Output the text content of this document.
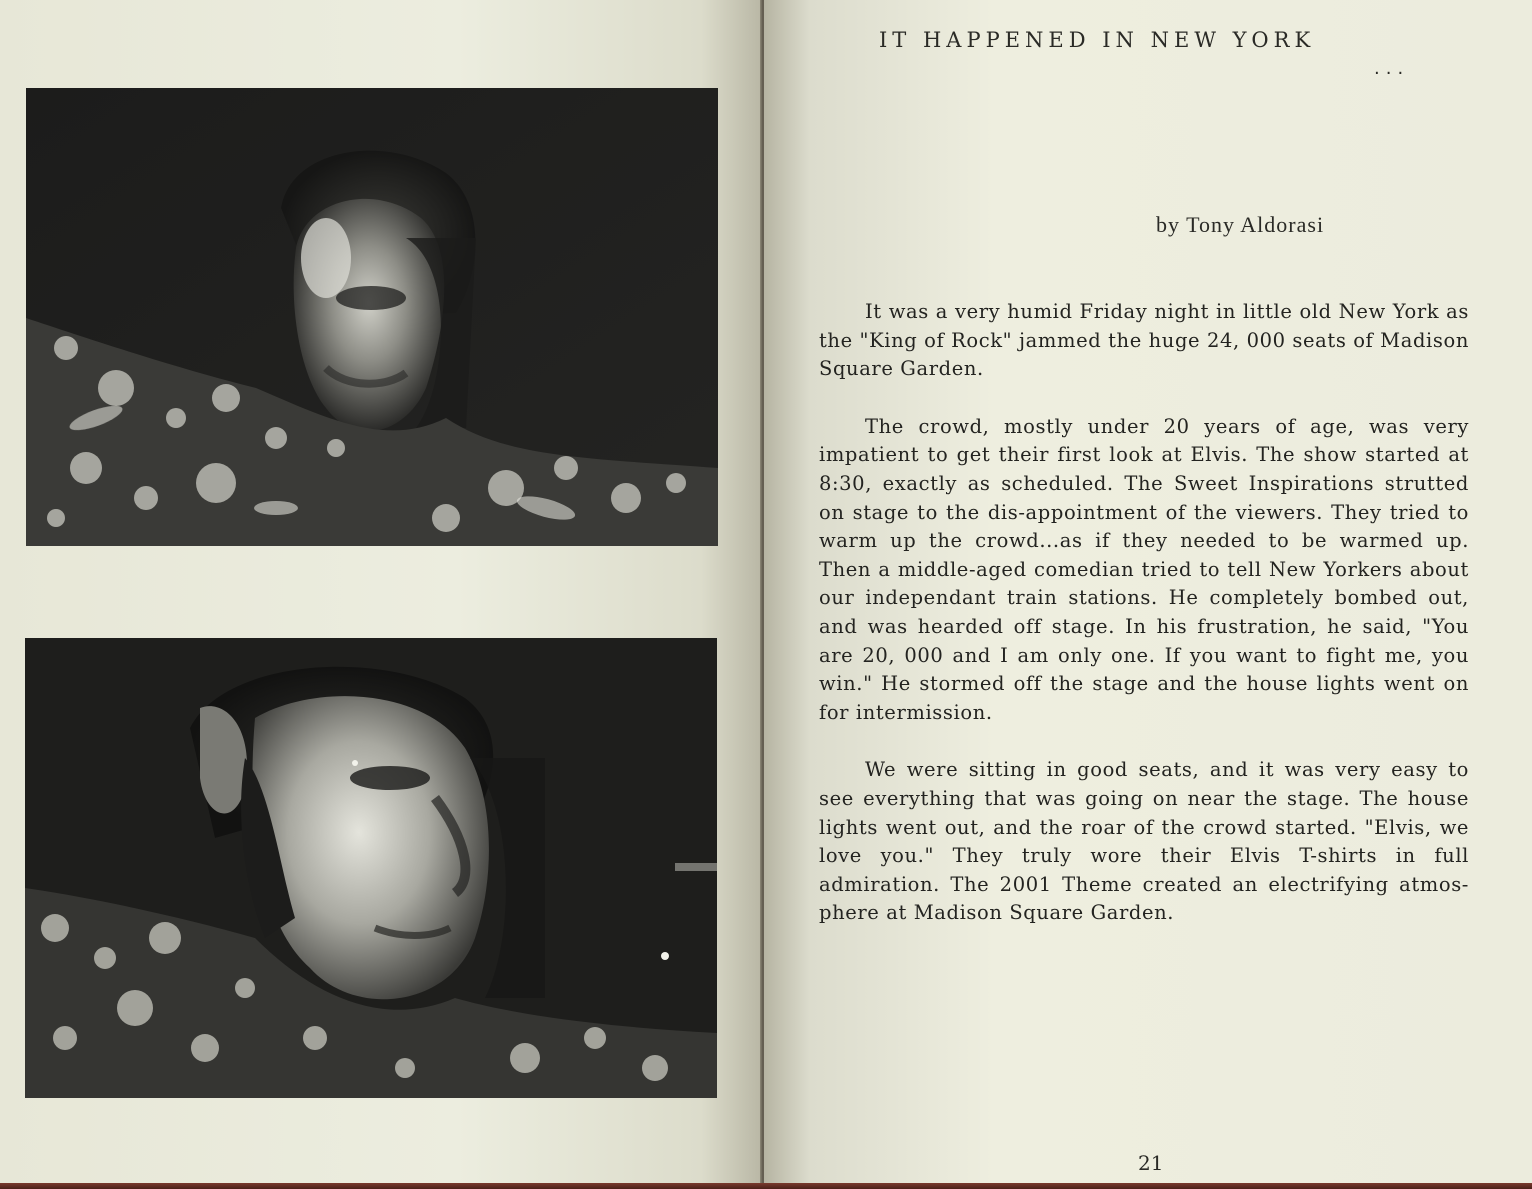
IT HAPPENED IN NEW YORK
...
by Tony Aldorasi

It was a very humid Friday night in little old New York as the "King of Rock" jammed the huge 24, 000 seats of Madison Square Garden.

The crowd, mostly under 20 years of age, was very impatient to get their first look at Elvis. The show started at 8:30, exactly as scheduled. The Sweet Inspirations strutted on stage to the dis-appointment of the viewers. They tried to warm up the crowd...as if they needed to be warmed up. Then a middle-aged comedian tried to tell New Yorkers about our independant train stations. He completely bombed out, and was hearded off stage. In his frustration, he said, "You are 20, 000 and I am only one. If you want to fight me, you win." He stormed off the stage and the house lights went on for intermission.

We were sitting in good seats, and it was very easy to see everything that was going on near the stage. The house lights went out, and the roar of the crowd started. "Elvis, we love you." They truly wore their Elvis T-shirts in full admiration. The 2001 Theme created an electrifying atmos-phere at Madison Square Garden.

21
